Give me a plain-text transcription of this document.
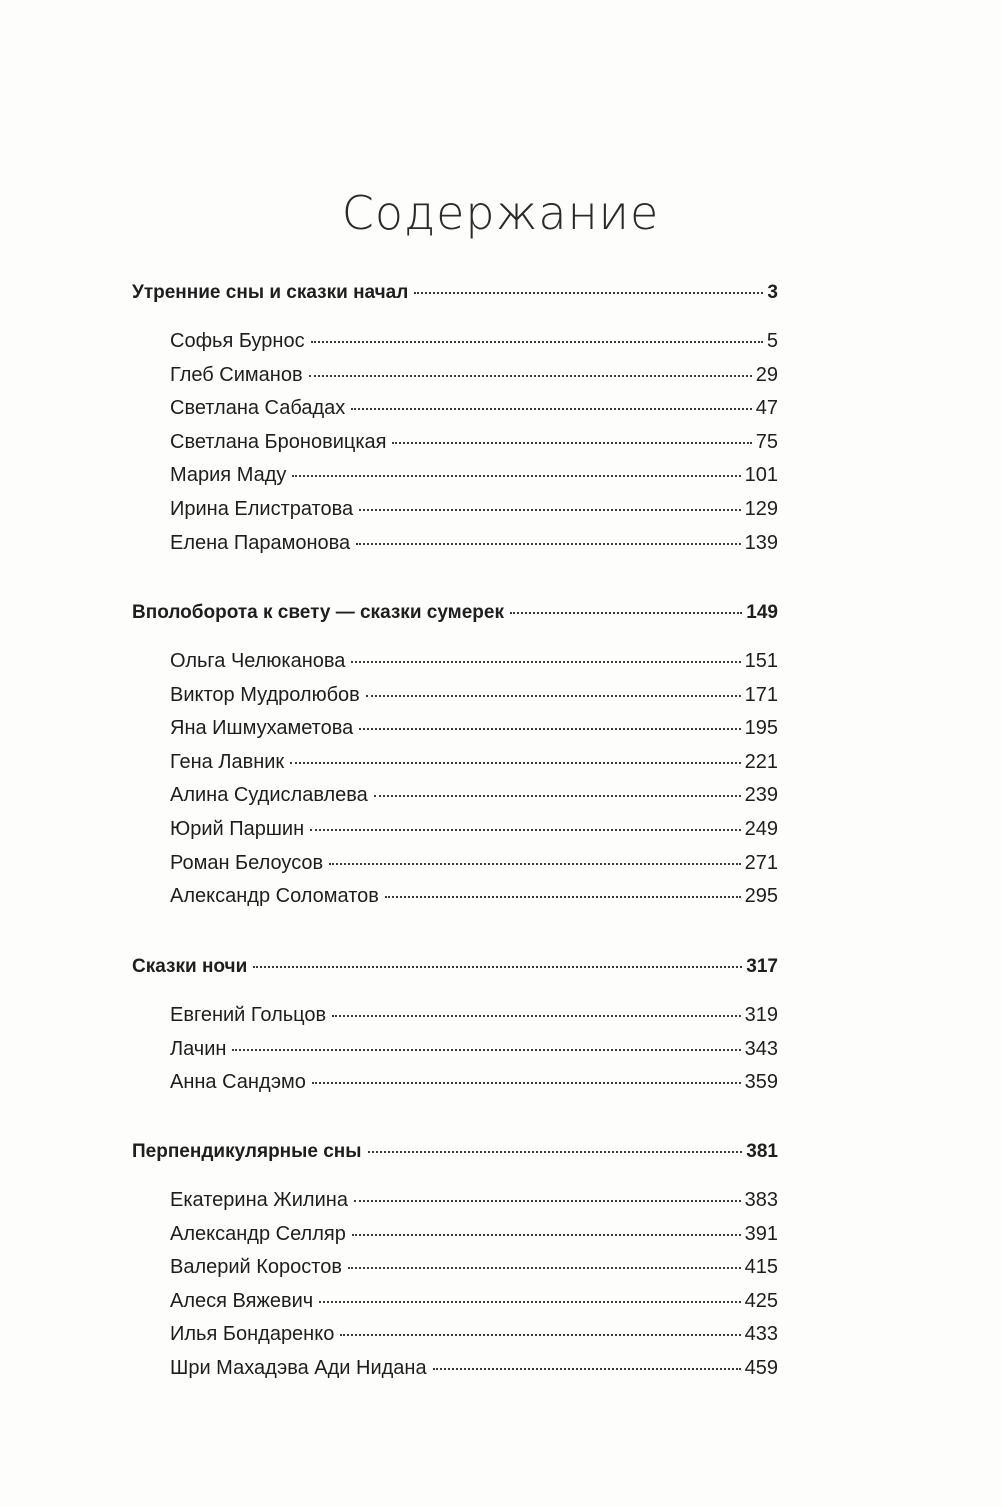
Содержание
Утренние сны и сказки начал	3
Софья Бурнос	5
Глеб Симанов	29
Светлана Сабадах	47
Светлана Броновицкая	75
Мария Маду	101
Ирина Елистратова	129
Елена Парамонова	139
Вполоборота к свету — сказки сумерек	149
Ольга Челюканова	151
Виктор Мудролюбов	171
Яна Ишмухаметова	195
Гена Лавник	221
Алина Судиславлева	239
Юрий Паршин	249
Роман Белоусов	271
Александр Соломатов	295
Сказки ночи	317
Евгений Гольцов	319
Лачин	343
Анна Сандэмо	359
Перпендикулярные сны	381
Екатерина Жилина	383
Александр Селляр	391
Валерий Коростов	415
Алеся Вяжевич	425
Илья Бондаренко	433
Шри Махадэва Ади Нидана	459
